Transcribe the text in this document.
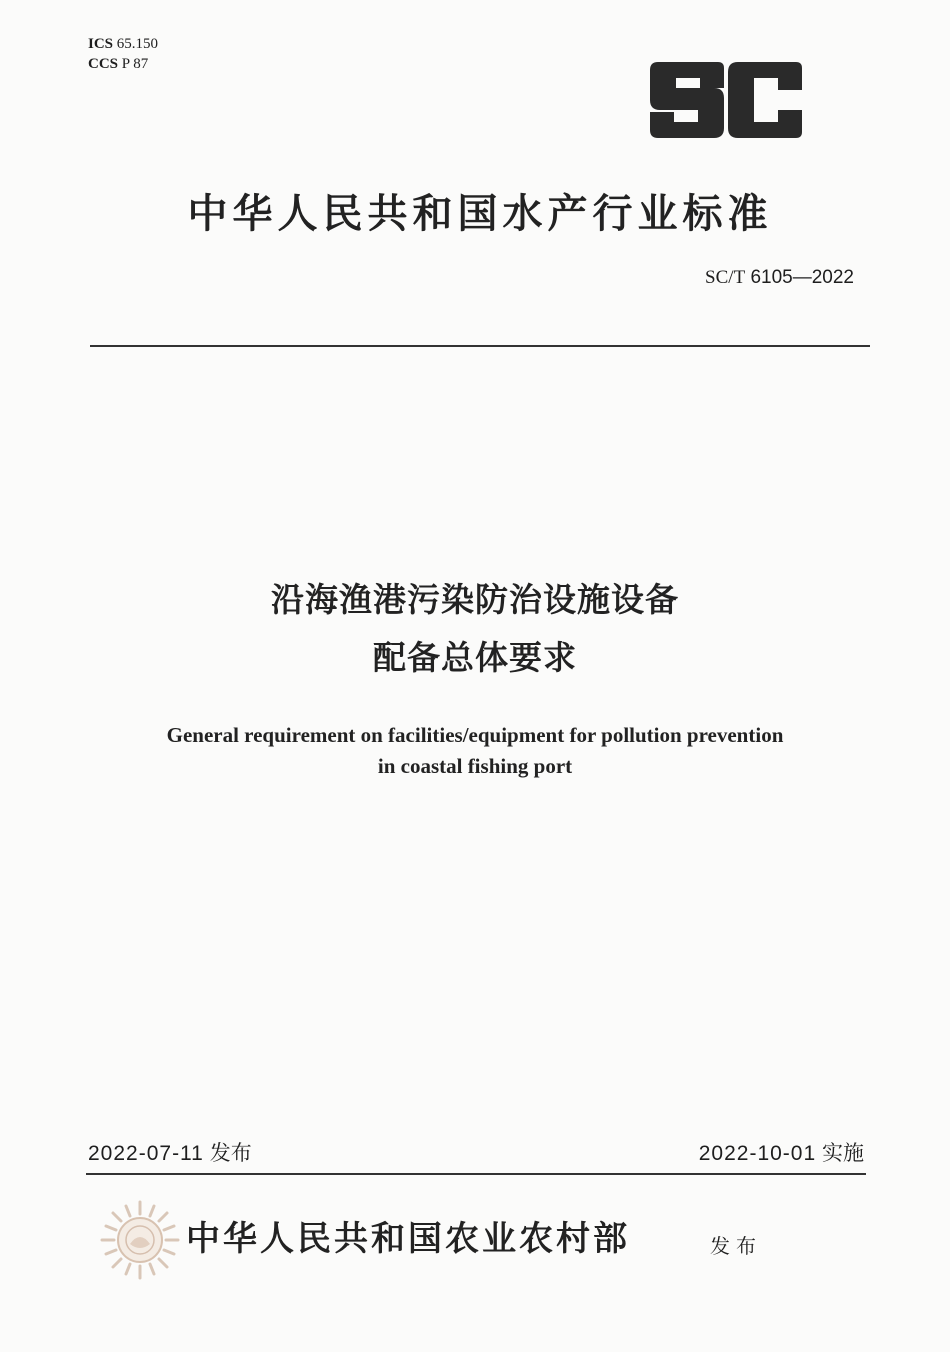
ICS 65.150
CCS P 87
中华人民共和国水产行业标准
SC/T 6105—2022
沿海渔港污染防治设施设备
配备总体要求
General requirement on facilities/equipment for pollution prevention
in coastal fishing port
2022-07-11 发布	2022-10-01 实施
中华人民共和国农业农村部	发布
